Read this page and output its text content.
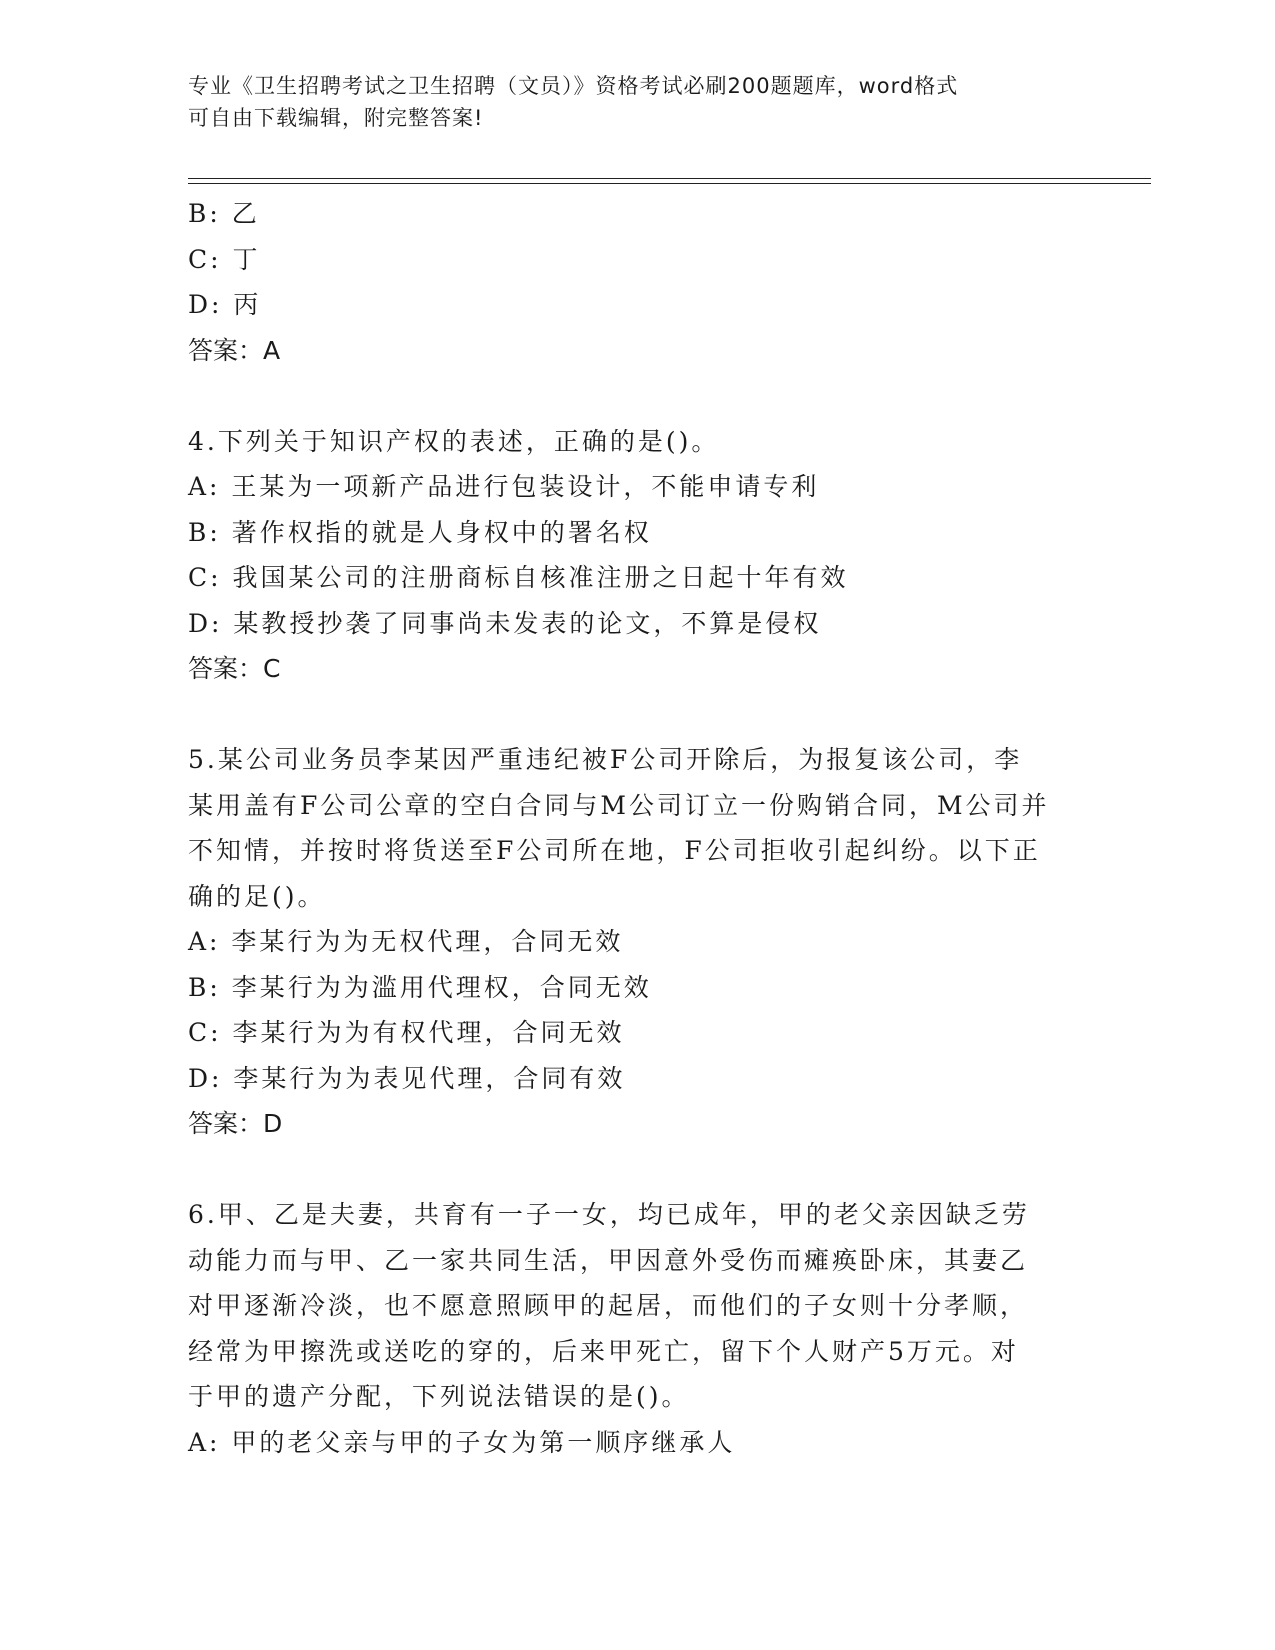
专业《卫生招聘考试之卫生招聘（文员）》资格考试必刷200题题库，word格式
可自由下载编辑，附完整答案!
B: 乙
C: 丁
D: 丙
答案：A
4.下列关于知识产权的表述，正确的是()。
A: 王某为一项新产品进行包装设计，不能申请专利
B: 著作权指的就是人身权中的署名权
C: 我国某公司的注册商标自核准注册之日起十年有效
D: 某教授抄袭了同事尚未发表的论文，不算是侵权
答案：C
5.某公司业务员李某因严重违纪被F公司开除后，为报复该公司，李
某用盖有F公司公章的空白合同与M公司订立一份购销合同，M公司并
不知情，并按时将货送至F公司所在地，F公司拒收引起纠纷。以下正
确的足()。
A: 李某行为为无权代理，合同无效
B: 李某行为为滥用代理权，合同无效
C: 李某行为为有权代理，合同无效
D: 李某行为为表见代理，合同有效
答案：D
6.甲、乙是夫妻，共育有一子一女，均已成年，甲的老父亲因缺乏劳
动能力而与甲、乙一家共同生活，甲因意外受伤而瘫痪卧床，其妻乙
对甲逐渐冷淡，也不愿意照顾甲的起居，而他们的子女则十分孝顺，
经常为甲擦洗或送吃的穿的，后来甲死亡，留下个人财产5万元。对
于甲的遗产分配，下列说法错误的是()。
A: 甲的老父亲与甲的子女为第一顺序继承人
